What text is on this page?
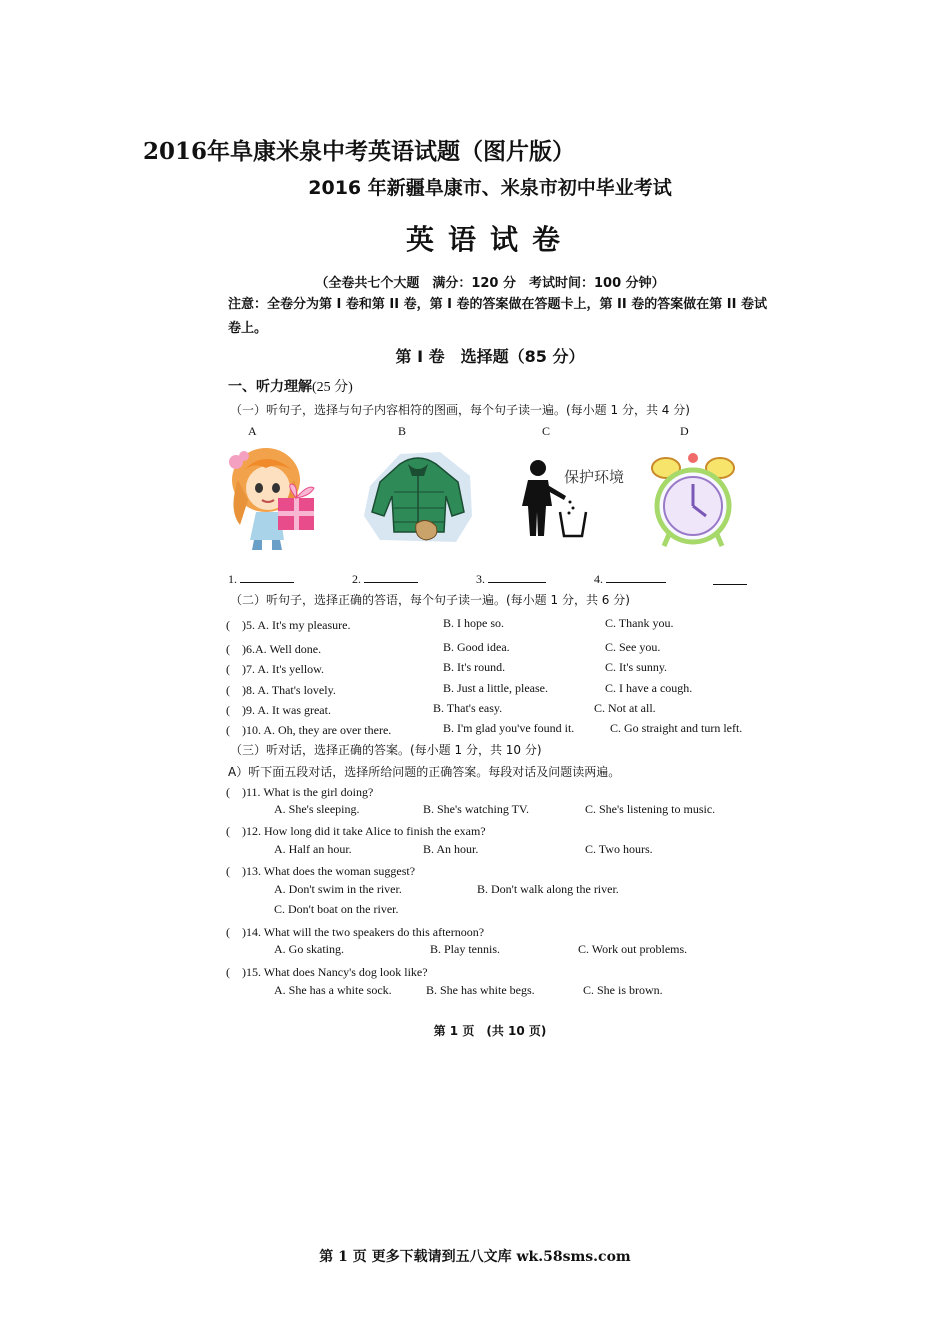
2016年阜康米泉中考英语试题（图片版）
2016 年新疆阜康市、米泉市初中毕业考试
英语试卷
（全卷共七个大题　满分：120 分　考试时间：100 分钟）
注意：全卷分为第 I 卷和第 II 卷，第 I 卷的答案做在答题卡上，第 II 卷的答案做在第 II 卷试卷上。
第 I 卷　选择题（85 分）
一、听力理解(25 分)
（一）听句子，选择与句子内容相符的图画，每个句子读一遍。(每小题 1 分，共 4 分)
A	B	C	D
保护环境
1.	2.	3.	4.
（二）听句子，选择正确的答语，每个句子读一遍。(每小题 1 分，共 6 分)
(　)5. A. It's my pleasure.	B. I hope so.	C. Thank you.
(　)6.A. Well done.	B. Good idea.	C. See you.
(　)7. A. It's yellow.	B. It's round.	C. It's sunny.
(　)8. A. That's lovely.	B. Just a little, please.	C. I have a cough.
(　)9. A. It was great.	B. That's easy.	C. Not at all.
(　)10. A. Oh, they are over there.	B. I'm glad you've found it.	C. Go straight and turn left.
（三）听对话，选择正确的答案。(每小题 1 分，共 10 分)
A）听下面五段对话，选择所给问题的正确答案。每段对话及问题读两遍。
(　)11. What is the girl doing?
A. She's sleeping.	B. She's watching TV.	C. She's listening to music.
(　)12. How long did it take Alice to finish the exam?
A. Half an hour.	B. An hour.	C. Two hours.
(　)13. What does the woman suggest?
A. Don't swim in the river.	B. Don't walk along the river.
C. Don't boat on the river.
(　)14. What will the two speakers do this afternoon?
A. Go skating.	B. Play tennis.	C. Work out problems.
(　)15. What does Nancy's dog look like?
A. She has a white sock.	B. She has white begs.	C. She is brown.
第 1 页　(共 10 页)
第 1 页 更多下载请到五八文库 wk.58sms.com
